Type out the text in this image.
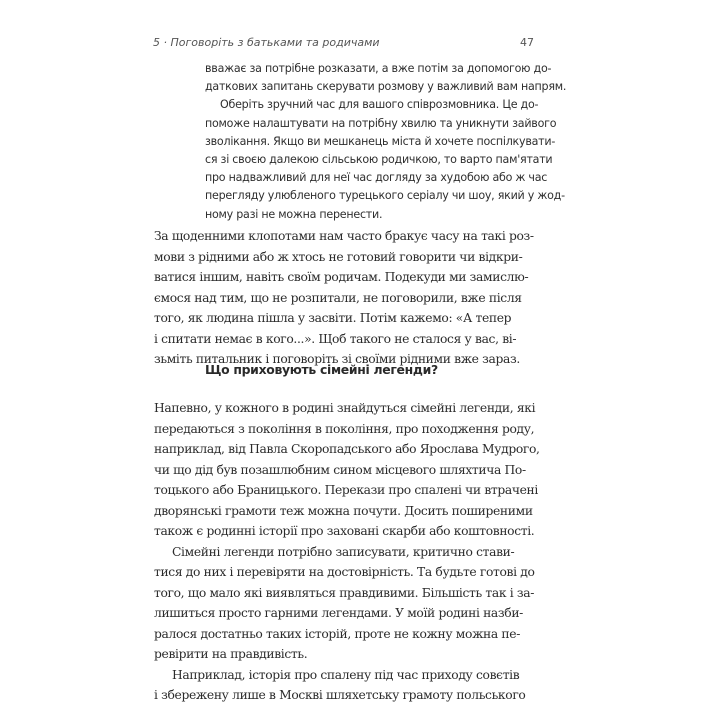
5 · Поговоріть з батьками та родичами	47
вважає за потрібне розказати, а вже потім за допомогою до-
даткових запитань скерувати розмову у важливий вам напрям.
Оберіть зручний час для вашого співрозмовника. Це до-
поможе налаштувати на потрібну хвилю та уникнути зайвого
зволікання. Якщо ви мешканець міста й хочете поспілкувати-
ся зі своєю далекою сільською родичкою, то варто пам'ятати
про надважливий для неї час догляду за худобою або ж час
перегляду улюбленого турецького серіалу чи шоу, який у жод-
ному разі не можна перенести.
За щоденними клопотами нам часто бракує часу на такі роз-
мови з рідними або ж хтось не готовий говорити чи відкри-
ватися іншим, навіть своїм родичам. Подекуди ми замислю-
ємося над тим, що не розпитали, не поговорили, вже після
того, як людина пішла у засвіти. Потім кажемо: «А тепер
і спитати немає в кого...». Щоб такого не сталося у вас, ві-
зьміть питальник і поговоріть зі своїми рідними вже зараз.
Що приховують сімейні легенди?
Напевно, у кожного в родині знайдуться сімейні легенди, які
передаються з покоління в покоління, про походження роду,
наприклад, від Павла Скоропадського або Ярослава Мудрого,
чи що дід був позашлюбним сином місцевого шляхтича По-
тоцького або Браницького. Перекази про спалені чи втрачені
дворянські грамоти теж можна почути. Досить поширеними
також є родинні історії про заховані скарби або коштовності.
Сімейні легенди потрібно записувати, критично стави-
тися до них і перевіряти на достовірність. Та будьте готові до
того, що мало які виявляться правдивими. Більшість так і за-
лишиться просто гарними легендами. У моїй родині назби-
ралося достатньо таких історій, проте не кожну можна пе-
ревірити на правдивість.
Наприклад, історія про спалену під час приходу совєтів
і збережену лише в Москві шляхетську грамоту польського
